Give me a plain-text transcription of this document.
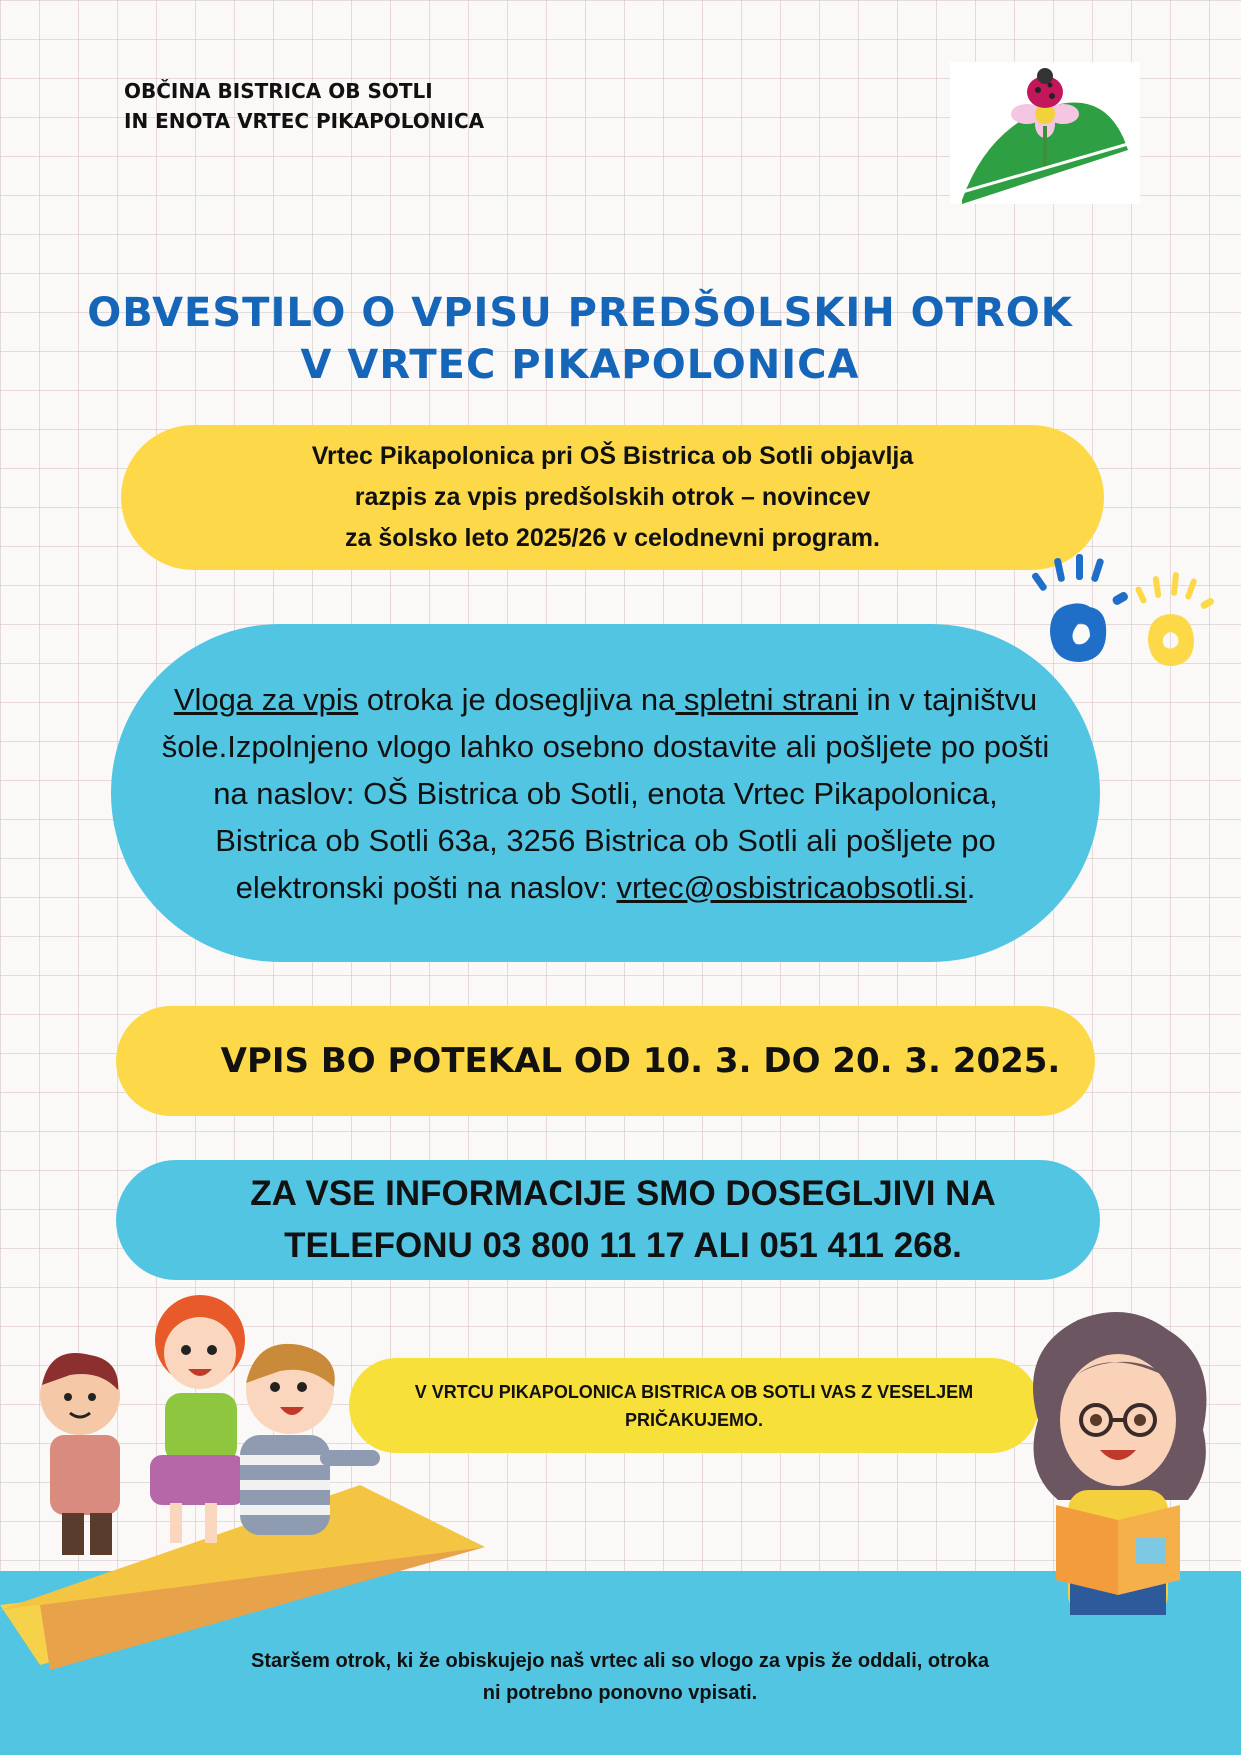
OBČINA BISTRICA OB SOTLI
IN ENOTA VRTEC PIKAPOLONICA
OBVESTILO O VPISU PREDŠOLSKIH OTROK
V VRTEC PIKAPOLONICA
Vrtec Pikapolonica pri OŠ Bistrica ob Sotli objavlja
razpis za vpis predšolskih otrok – novincev
za šolsko leto 2025/26 v celodnevni program.
Vloga za vpis otroka je dosegljiva na spletni strani in v tajništvu šole.Izpolnjeno vlogo lahko osebno dostavite ali pošljete po pošti na naslov: OŠ Bistrica ob Sotli, enota Vrtec Pikapolonica, Bistrica ob Sotli 63a, 3256 Bistrica ob Sotli ali pošljete po elektronski pošti na naslov: vrtec@osbistricaobsotli.si.
VPIS BO POTEKAL OD 10. 3. DO 20. 3. 2025.
ZA VSE INFORMACIJE SMO DOSEGLJIVI NA
TELEFONU 03 800 11 17 ALI 051 411 268.
V VRTCU PIKAPOLONICA BISTRICA OB SOTLI VAS Z VESELJEM
PRIČAKUJEMO.
Staršem otrok, ki že obiskujejo naš vrtec ali so vlogo za vpis že oddali, otroka
ni potrebno ponovno vpisati.
